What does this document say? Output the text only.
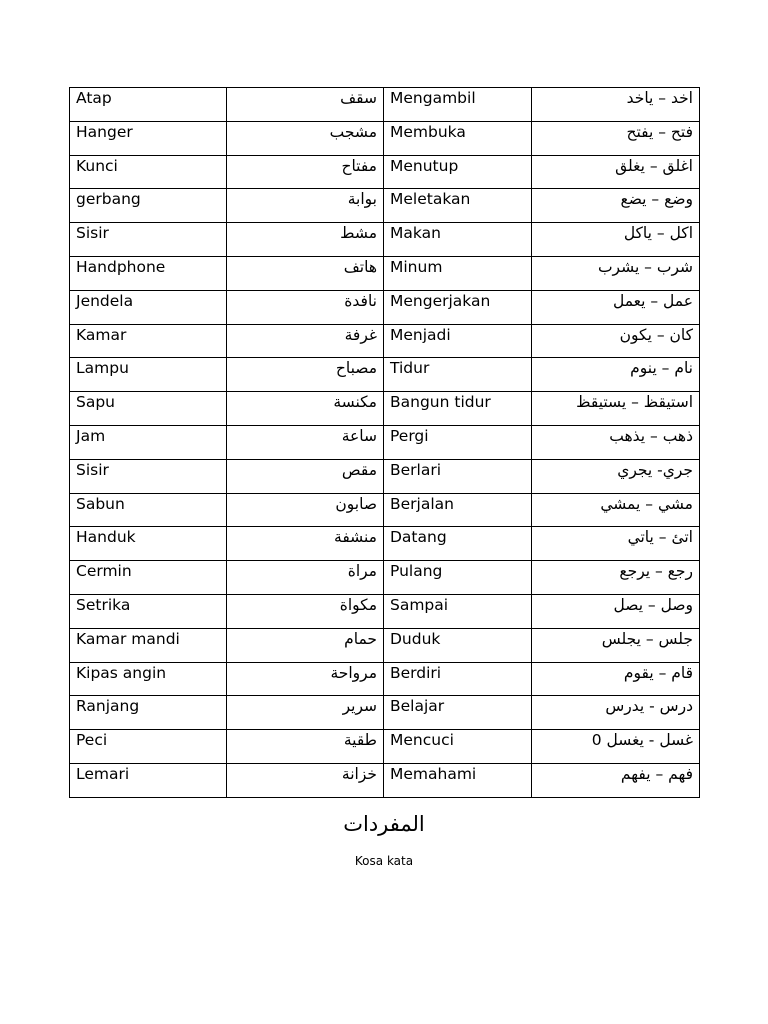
Atap	سقف	Mengambil	اخد – ياخد
Hanger	مشجب	Membuka	فتح – يفتح
Kunci	مفتاح	Menutup	اغلق – يغلق
gerbang	بوابة	Meletakan	وضع – يضع
Sisir	مشط	Makan	اكل – ياكل
Handphone	هاتف	Minum	شرب – يشرب
Jendela	نافدة	Mengerjakan	عمل – يعمل
Kamar	غرفة	Menjadi	كان – يكون
Lampu	مصباح	Tidur	نام – ينوم
Sapu	مكنسة	Bangun tidur	استيقظ – يستيقظ
Jam	ساعة	Pergi	ذهب – يذهب
Sisir	مقص	Berlari	جري- يجري
Sabun	صابون	Berjalan	مشي – يمشي
Handuk	منشفة	Datang	اتئ – ياتي
Cermin	مراة	Pulang	رجع – يرجع
Setrika	مكواة	Sampai	وصل – يصل
Kamar mandi	حمام	Duduk	جلس – يجلس
Kipas angin	مرواحة	Berdiri	قام – يقوم
Ranjang	سرير	Belajar	درس - يدرس
Peci	طقية	Mencuci	غسل - يغسل 0
Lemari	خزانة	Memahami	فهم – يفهم
المفردات
Kosa kata
